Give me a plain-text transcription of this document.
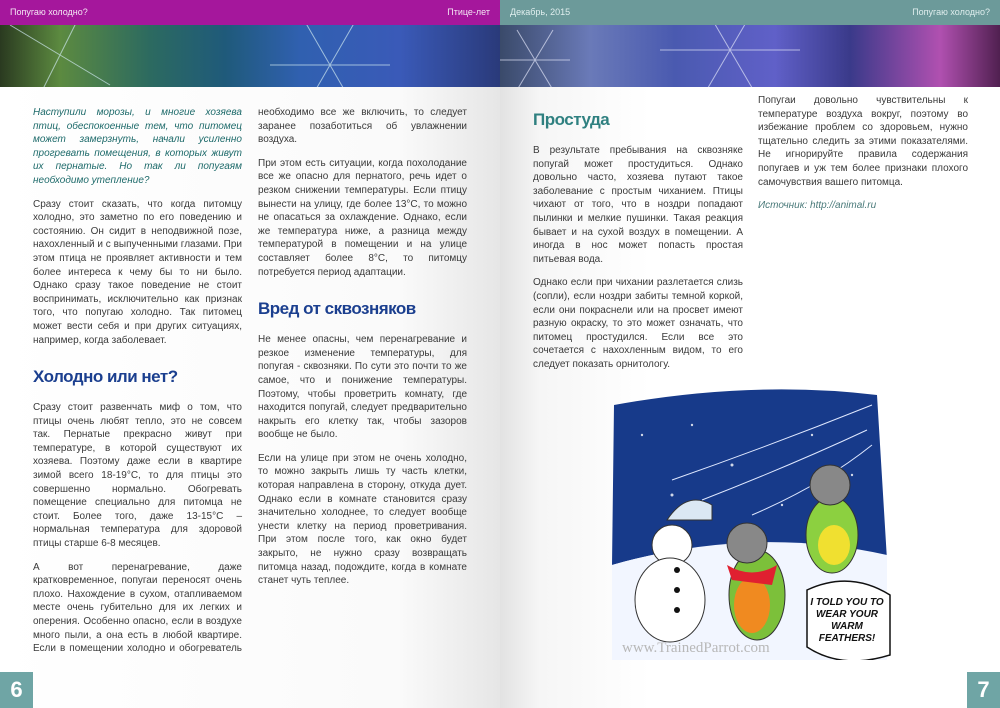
Попугаю холодно?	Птице-лет

Наступили морозы, и многие хозяева птиц, обеспокоенные тем, что питомец может замерзнуть, начали усиленно прогревать помещения, в которых живут их пернатые. Но так ли попугаям необходимо утепление?

Сразу стоит сказать, что когда питомцу холодно, это заметно по его поведению и состоянию. Он сидит в неподвижной позе, нахохленный и с выпученными глазами. При этом птица не проявляет активности и тем более интереса к чему бы то ни было. Однако сразу такое поведение не стоит воспринимать, исключительно как признак того, что попугаю холодно. Так питомец может вести себя и при других ситуациях, например, когда заболевает.

Холодно или нет?

Сразу стоит развенчать миф о том, что птицы очень любят тепло, это не совсем так. Пернатые прекрасно живут при температуре, в которой существуют их хозяева. Поэтому даже если в квартире зимой всего 18-19°С, то для птицы это совершенно нормально. Обогревать помещение специально для питомца не стоит. Более того, даже 13-15°С – нормальная температура для здоровой птицы старше 6-8 месяцев.

А вот перенагревание, даже кратковременное, попугаи переносят очень плохо. Нахождение в сухом, отапливаемом месте очень губительно для их легких и оперения. Особенно опасно, если в воздухе много пыли, а она есть в любой квартире. Если в помещении холодно и обогреватель необходимо все же включить, то следует заранее позаботиться об увлажнении воздуха.

При этом есть ситуации, когда похолодание все же опасно для пернатого, речь идет о резком снижении температуры. Если птицу вынести на улицу, где более 13°С, то можно не опасаться за охлаждение. Однако, если же температура ниже, а разница между температурой в помещении и на улице составляет более 8°С, то питомцу потребуется период адаптации.

Вред от сквозняков

Не менее опасны, чем перенагревание и резкое изменение температуры, для попугая - сквозняки. По сути это почти то же самое, что и понижение температуры. Поэтому, чтобы проветрить комнату, где находится попугай, следует предварительно накрыть его клетку так, чтобы зазоров вообще не было.

Если на улице при этом не очень холодно, то можно закрыть лишь ту часть клетки, которая направлена в сторону, откуда дует. Однако если в комнате становится сразу значительно холоднее, то следует вообще унести клетку на период проветривания. При этом после того, как окно будет закрыто, не нужно сразу возвращать питомца назад, подождите, когда в комнате станет чуть теплее.

6
Декабрь, 2015	Попугаю холодно?
Простуда

В результате пребывания на сквозняке попугай может простудиться. Однако довольно часто, хозяева путают такое заболевание с простым чиханием. Птицы чихают от того, что в ноздри попадают пылинки и мелкие пушинки. Такая реакция бывает и на сухой воздух в помещении. А иногда в нос может попасть простая питьевая вода.

Однако если при чихании разлетается слизь (сопли), если ноздри забиты темной коркой, если они покраснели или на просвет имеют разную окраску, то это может означать, что питомец простудился. Если все это сочетается с нахохленным видом, то его следует показать орнитологу.

Попугаи довольно чувствительны к температуре воздуха вокруг, поэтому во избежание проблем со здоровьем, нужно тщательно следить за этими показателями. Не игнорируйте правила содержания попугаев и уж тем более признаки плохого самочувствия вашего питомца.

Источник: http://animal.ru

I TOLD YOU TO WEAR YOUR WARM FEATHERS!
www.TrainedParrot.com
7
